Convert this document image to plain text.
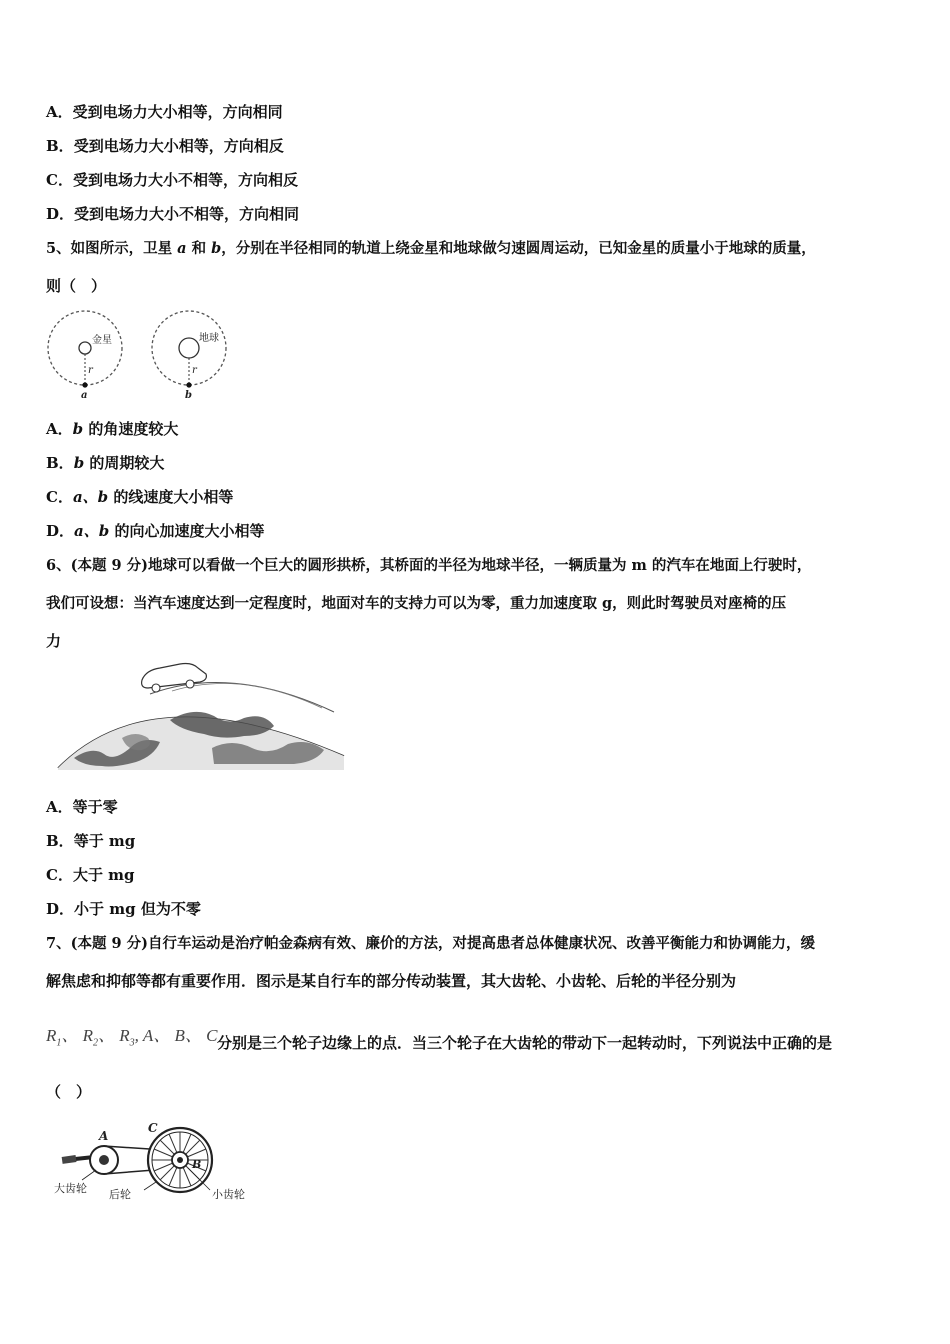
A．受到电场力大小相等，方向相同
B．受到电场力大小相等，方向相反
C．受到电场力大小不相等，方向相反
D．受到电场力大小不相等，方向相同
5、如图所示，卫星 a 和 b，分别在半径相同的轨道上绕金星和地球做匀速圆周运动，已知金星的质量小于地球的质量，
则（　）
金星
r
a
地球
r
b
A．b 的角速度较大
B．b 的周期较大
C．a、b 的线速度大小相等
D．a、b 的向心加速度大小相等
6、(本题 9 分)地球可以看做一个巨大的圆形拱桥，其桥面的半径为地球半径，一辆质量为 m 的汽车在地面上行驶时，
我们可设想：当汽车速度达到一定程度时，地面对车的支持力可以为零，重力加速度取 g，则此时驾驶员对座椅的压
力
A．等于零
B．等于 mg
C．大于 mg
D．小于 mg 但为不零
7、(本题 9 分)自行车运动是治疗帕金森病有效、廉价的方法，对提高患者总体健康状况、改善平衡能力和协调能力，缓
解焦虑和抑郁等都有重要作用．图示是某自行车的部分传动装置，其大齿轮、小齿轮、后轮的半径分别为
$R_1$、 $R_2$、 $R_3$, A、 B、 C 分别是三个轮子边缘上的点．当三个轮子在大齿轮的带动下一起转动时，下列说法中正确的是
（　）
A
C
B
大齿轮 后轮	小齿轮
